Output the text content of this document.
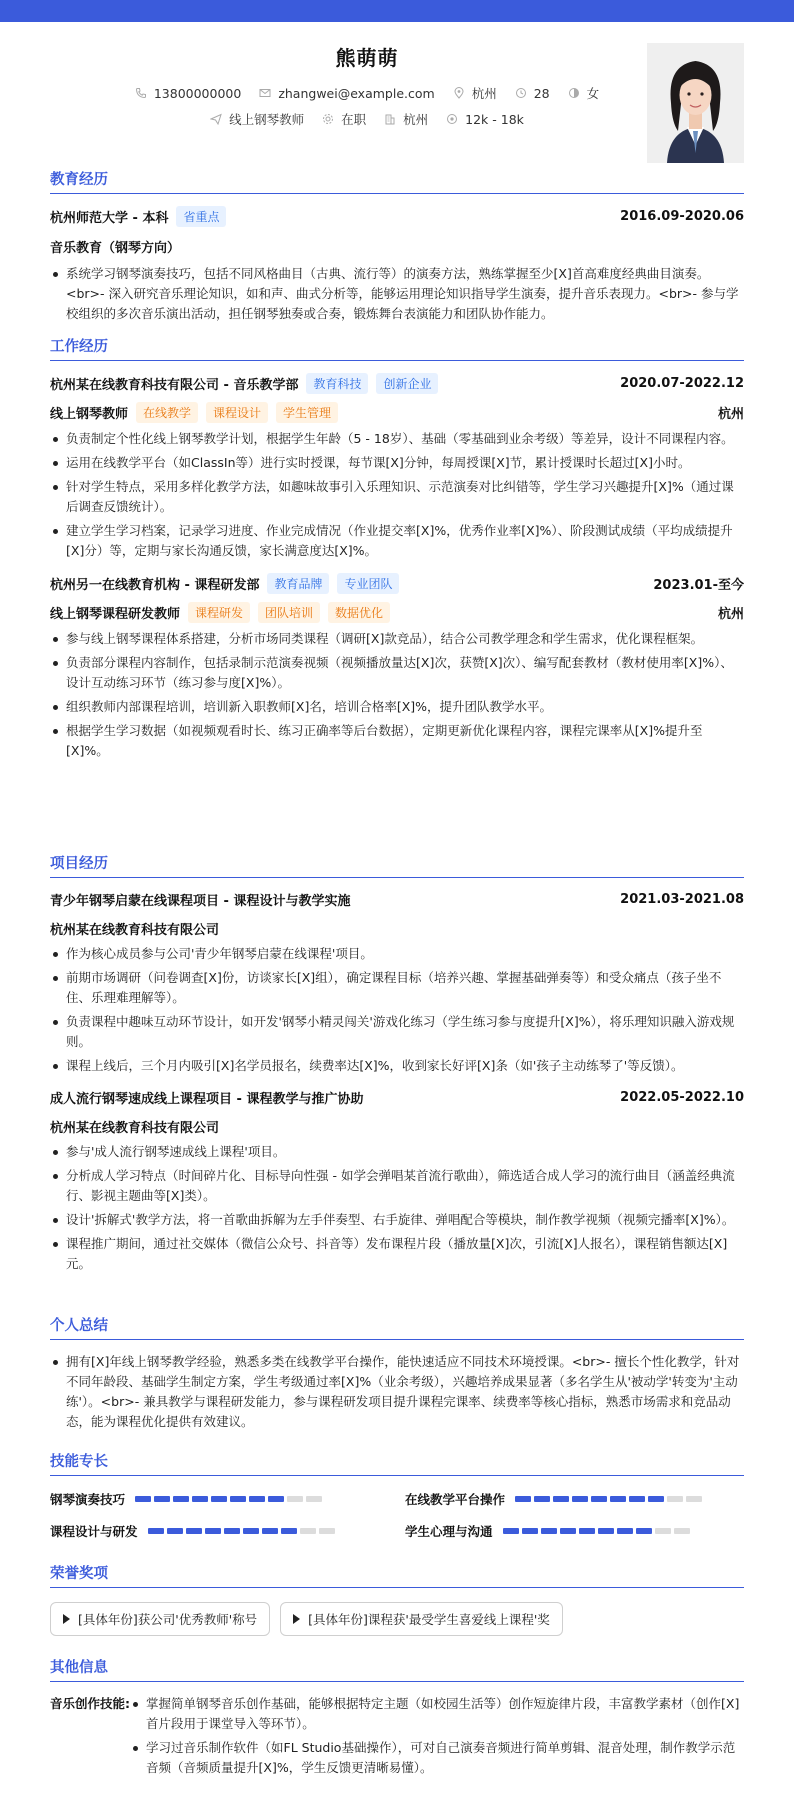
熊萌萌
13800000000	zhangwei@example.com	杭州	28	女
线上钢琴教师	在职	杭州	12k - 18k
教育经历
杭州师范大学 - 本科	省重点	2016.09-2020.06
音乐教育（钢琴方向）
系统学习钢琴演奏技巧，包括不同风格曲目（古典、流行等）的演奏方法，熟练掌握至少[X]首高难度经典曲目演奏。<br>- 深入研究音乐理论知识，如和声、曲式分析等，能够运用理论知识指导学生演奏，提升音乐表现力。<br>- 参与学校组织的多次音乐演出活动，担任钢琴独奏或合奏，锻炼舞台表演能力和团队协作能力。
工作经历
杭州某在线教育科技有限公司 - 音乐教学部	教育科技	创新企业	2020.07-2022.12
线上钢琴教师	在线教学	课程设计	学生管理	杭州
负责制定个性化线上钢琴教学计划，根据学生年龄（5 - 18岁）、基础（零基础到业余考级）等差异，设计不同课程内容。
运用在线教学平台（如ClassIn等）进行实时授课，每节课[X]分钟，每周授课[X]节，累计授课时长超过[X]小时。
针对学生特点，采用多样化教学方法，如趣味故事引入乐理知识、示范演奏对比纠错等，学生学习兴趣提升[X]%（通过课后调查反馈统计）。
建立学生学习档案，记录学习进度、作业完成情况（作业提交率[X]%，优秀作业率[X]%）、阶段测试成绩（平均成绩提升[X]分）等，定期与家长沟通反馈，家长满意度达[X]%。
杭州另一在线教育机构 - 课程研发部	教育品牌	专业团队	2023.01-至今
线上钢琴课程研发教师	课程研发	团队培训	数据优化	杭州
参与线上钢琴课程体系搭建，分析市场同类课程（调研[X]款竞品），结合公司教学理念和学生需求，优化课程框架。
负责部分课程内容制作，包括录制示范演奏视频（视频播放量达[X]次，获赞[X]次）、编写配套教材（教材使用率[X]%）、设计互动练习环节（练习参与度[X]%）。
组织教师内部课程培训，培训新入职教师[X]名，培训合格率[X]%，提升团队教学水平。
根据学生学习数据（如视频观看时长、练习正确率等后台数据），定期更新优化课程内容，课程完课率从[X]%提升至[X]%。
项目经历
青少年钢琴启蒙在线课程项目 - 课程设计与教学实施	2021.03-2021.08
杭州某在线教育科技有限公司
作为核心成员参与公司'青少年钢琴启蒙在线课程'项目。
前期市场调研（问卷调查[X]份，访谈家长[X]组），确定课程目标（培养兴趣、掌握基础弹奏等）和受众痛点（孩子坐不住、乐理难理解等）。
负责课程中趣味互动环节设计，如开发'钢琴小精灵闯关'游戏化练习（学生练习参与度提升[X]%），将乐理知识融入游戏规则。
课程上线后，三个月内吸引[X]名学员报名，续费率达[X]%，收到家长好评[X]条（如'孩子主动练琴了'等反馈）。
成人流行钢琴速成线上课程项目 - 课程教学与推广协助	2022.05-2022.10
杭州某在线教育科技有限公司
参与'成人流行钢琴速成线上课程'项目。
分析成人学习特点（时间碎片化、目标导向性强 - 如学会弹唱某首流行歌曲），筛选适合成人学习的流行曲目（涵盖经典流行、影视主题曲等[X]类）。
设计'拆解式'教学方法，将一首歌曲拆解为左手伴奏型、右手旋律、弹唱配合等模块，制作教学视频（视频完播率[X]%）。
课程推广期间，通过社交媒体（微信公众号、抖音等）发布课程片段（播放量[X]次，引流[X]人报名），课程销售额达[X]元。
个人总结
拥有[X]年线上钢琴教学经验，熟悉多类在线教学平台操作，能快速适应不同技术环境授课。<br>- 擅长个性化教学，针对不同年龄段、基础学生制定方案，学生考级通过率[X]%（业余考级），兴趣培养成果显著（多名学生从'被动学'转变为'主动练'）。<br>- 兼具教学与课程研发能力，参与课程研发项目提升课程完课率、续费率等核心指标，熟悉市场需求和竞品动态，能为课程优化提供有效建议。
技能专长
钢琴演奏技巧	在线教学平台操作
课程设计与研发	学生心理与沟通
荣誉奖项
[具体年份]获公司'优秀教师'称号	[具体年份]课程获'最受学生喜爱线上课程'奖
其他信息
音乐创作技能:	掌握简单钢琴音乐创作基础，能够根据特定主题（如校园生活等）创作短旋律片段，丰富教学素材（创作[X]首片段用于课堂导入等环节）。
学习过音乐制作软件（如FL Studio基础操作），可对自己演奏音频进行简单剪辑、混音处理，制作教学示范音频（音频质量提升[X]%，学生反馈更清晰易懂）。
